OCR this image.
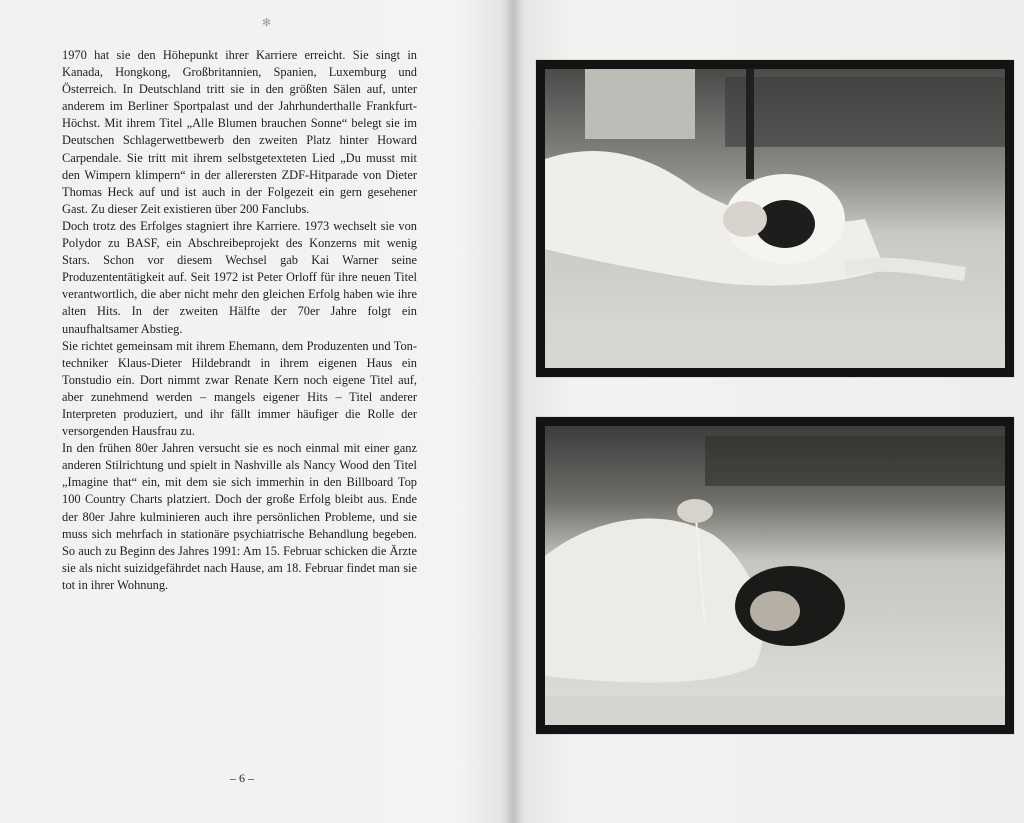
✻

1970 hat sie den Höhepunkt ihrer Karriere erreicht. Sie singt in Kanada, Hongkong, Großbritannien, Spanien, Luxemburg und Österreich. In Deutschland tritt sie in den größten Sälen auf, unter anderem im Berliner Sportpalast und der Jahrhunderthalle Frankfurt-Höchst. Mit ihrem Titel „Alle Blumen brauchen Sonne“ belegt sie im Deutschen Schlagerwettbewerb den zweiten Platz hinter Howard Carpendale. Sie tritt mit ihrem selbstgetexteten Lied „Du musst mit den Wimpern klimpern“ in der allerersten ZDF-Hitparade von Dieter Thomas Heck auf und ist auch in der Folgezeit ein gern gesehener Gast. Zu dieser Zeit existieren über 200 Fanclubs.

Doch trotz des Erfolges stagniert ihre Karriere. 1973 wechselt sie von Polydor zu BASF, ein Abschreibeprojekt des Konzerns mit wenig Stars. Schon vor diesem Wechsel gab Kai Warner seine Produzententätigkeit auf. Seit 1972 ist Peter Orloff für ihre neuen Titel verantwortlich, die aber nicht mehr den gleichen Erfolg haben wie ihre alten Hits. In der zweiten Hälfte der 70er Jahre folgt ein unaufhaltsamer Abstieg.

Sie richtet gemeinsam mit ihrem Ehemann, dem Produzenten und Tontechniker Klaus-Dieter Hildebrandt in ihrem eigenen Haus ein Tonstudio ein. Dort nimmt zwar Renate Kern noch eigene Titel auf, aber zunehmend werden – mangels eigener Hits – Titel anderer Interpreten produziert, und ihr fällt immer häufiger die Rolle der versorgenden Hausfrau zu.

In den frühen 80er Jahren versucht sie es noch einmal mit einer ganz anderen Stilrichtung und spielt in Nashville als Nancy Wood den Titel „Imagine that“ ein, mit dem sie sich immerhin in den Billboard Top 100 Country Charts platziert. Doch der große Erfolg bleibt aus. Ende der 80er Jahre kulminieren auch ihre persönlichen Probleme, und sie muss sich mehrfach in stationäre psychiatrische Behandlung begeben. So auch zu Beginn des Jahres 1991: Am 15. Februar schicken die Ärzte sie als nicht suizidgefährdet nach Hause, am 18. Februar findet man sie tot in ihrer Wohnung.

– 6 –
